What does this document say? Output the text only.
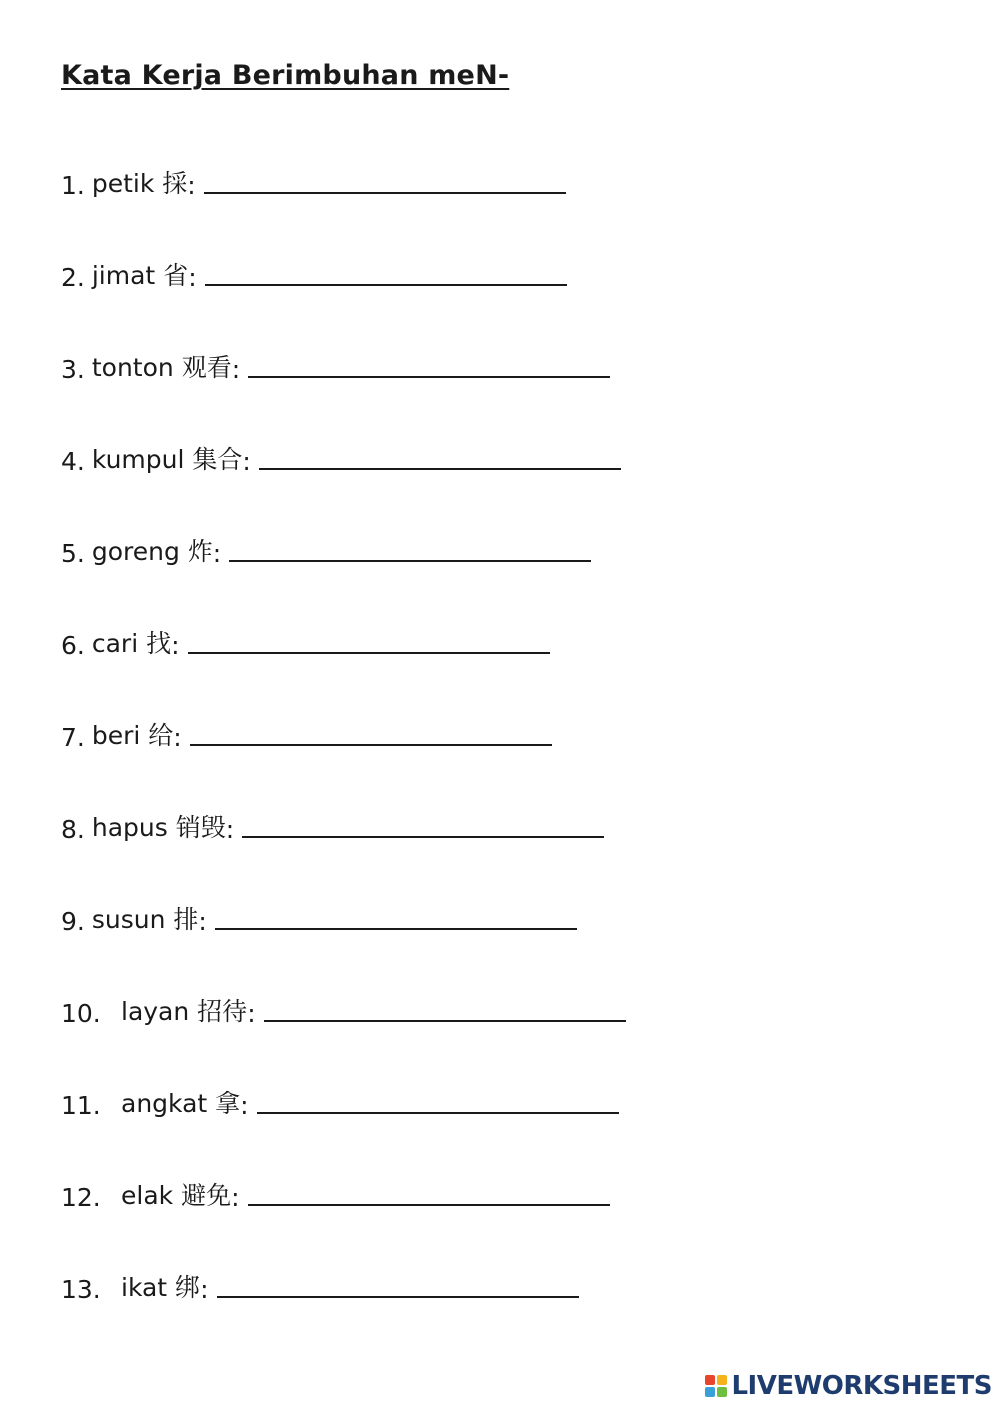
Kata Kerja Berimbuhan meN-
1. petik 採 :
2. jimat 省 :
3. tonton 观看 :
4. kumpul 集合 :
5. goreng 炸 :
6. cari 找 :
7. beri 给 :
8. hapus 销毁 :
9. susun 排 :
10. layan 招待 :
11. angkat 拿 :
12. elak 避免 :
13. ikat 绑 :
LIVEWORKSHEETS
